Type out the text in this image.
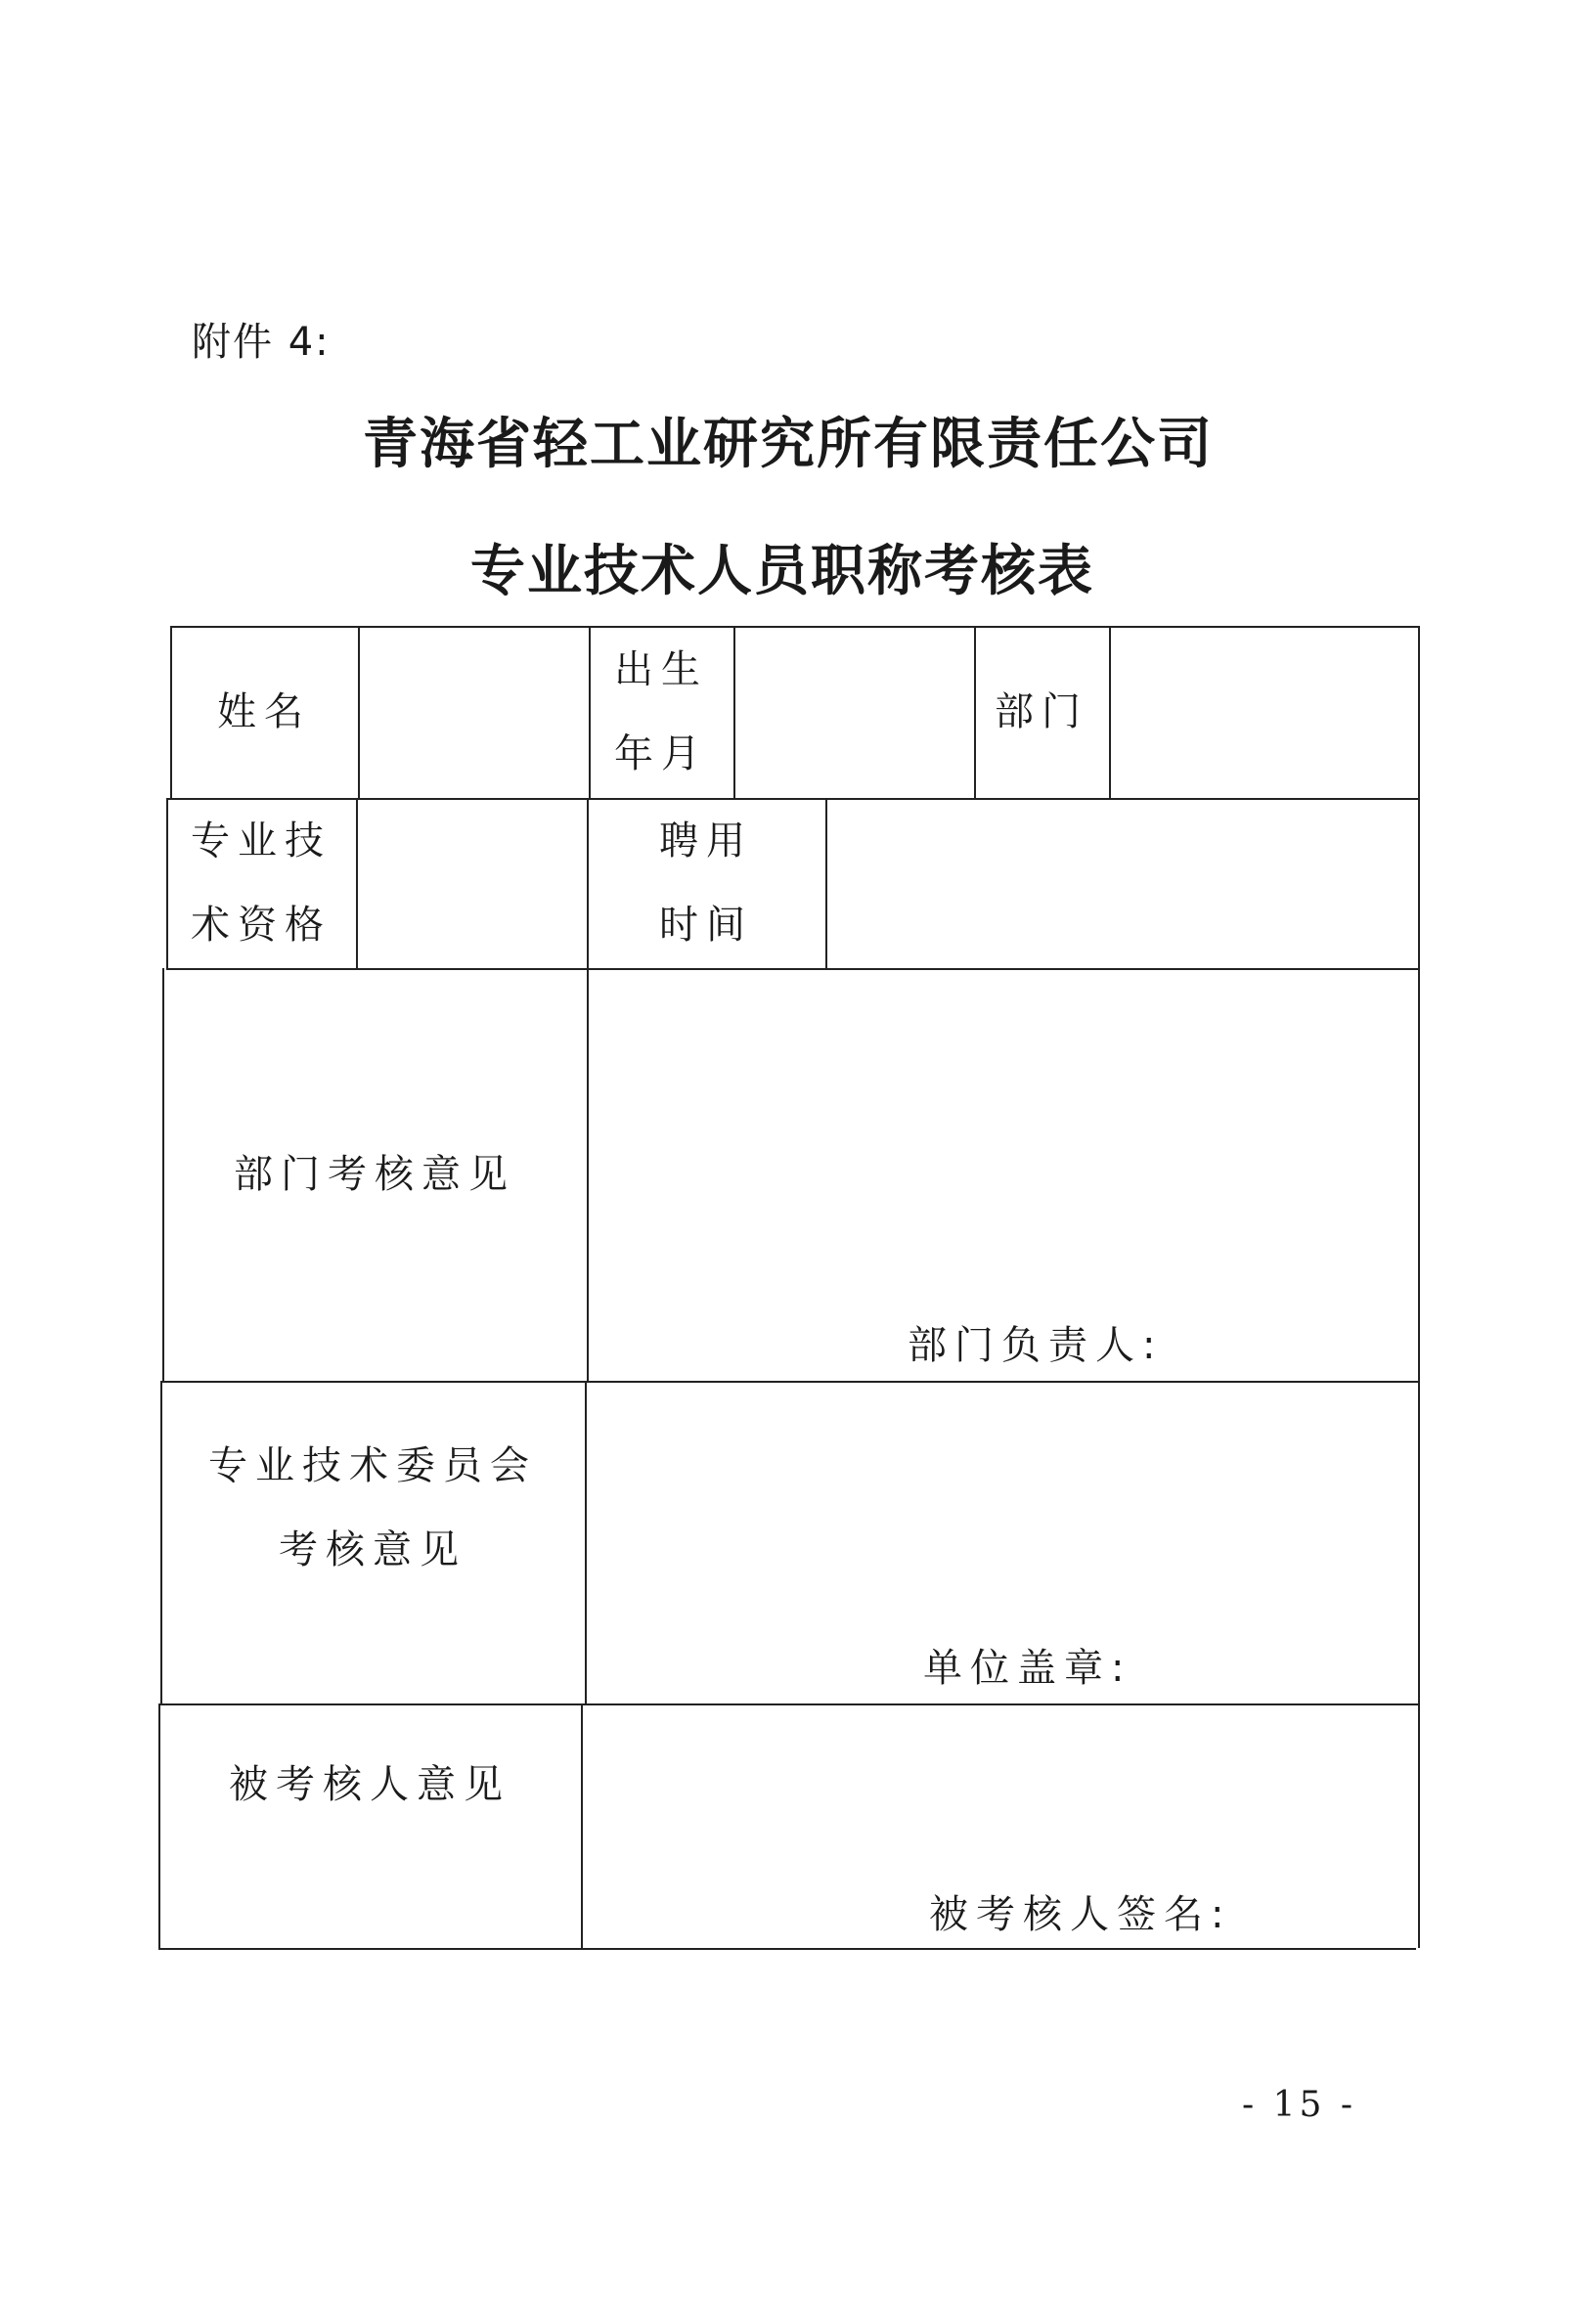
附件 4:
青海省轻工业研究所有限责任公司
专业技术人员职称考核表
姓名
出生
年月
部门
专业技
术资格
聘用
时间
部门考核意见
部门负责人:
专业技术委员会
考核意见
单位盖章:
被考核人意见
被考核人签名:
- 15 -
